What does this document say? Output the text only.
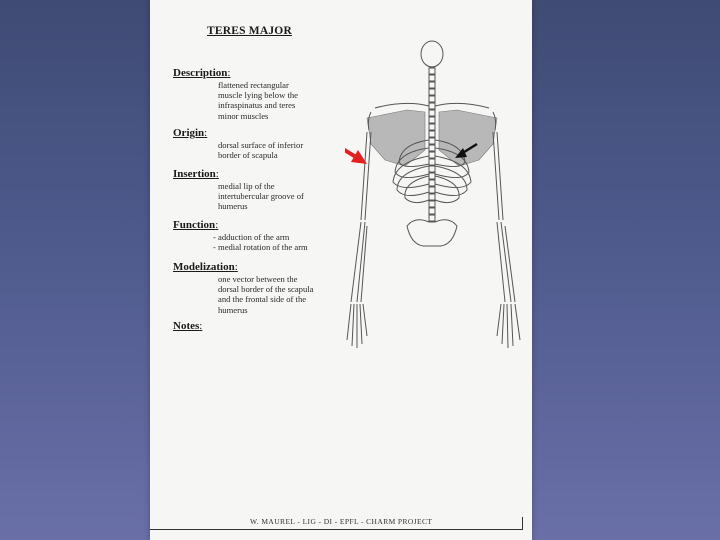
TERES MAJOR
Description:
flattened rectangular
muscle lying below the
infraspinatus and teres
minor muscles
Origin:
dorsal surface of inferior
border of scapula
Insertion:
medial lip of the
intertubercular groove of
humerus
Function:
- adduction of the arm
- medial rotation of the arm
Modelization:
one vector between the
dorsal border of the scapula
and the frontal side of the
humerus
Notes:
W. MAUREL - LIG - DI - EPFL - CHARM PROJECT
